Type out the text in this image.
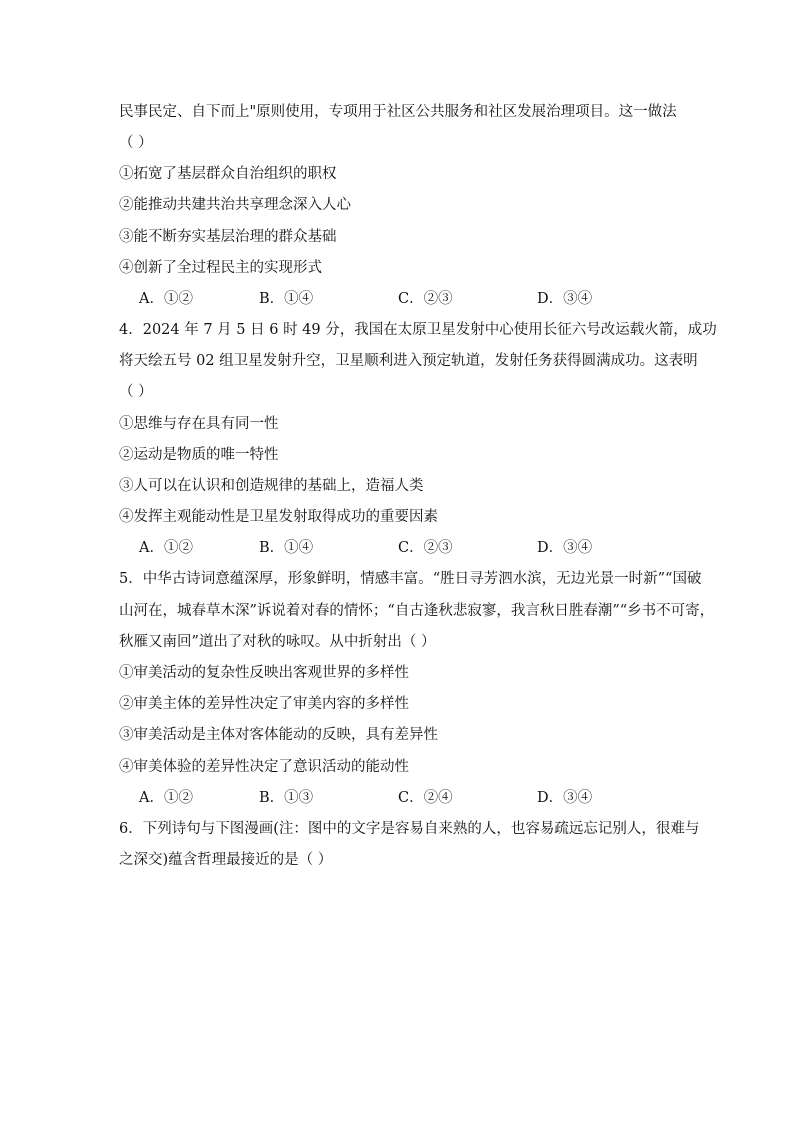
民事民定、自下而上"原则使用，专项用于社区公共服务和社区发展治理项目。这一做法
（ ）
①拓宽了基层群众自治组织的职权
②能推动共建共治共享理念深入人心
③能不断夯实基层治理的群众基础
④创新了全过程民主的实现形式
A．①②	B．①④	C．②③	D．③④
4．2024 年 7 月 5 日 6 时 49 分，我国在太原卫星发射中心使用长征六号改运载火箭，成功
将天绘五号 02 组卫星发射升空，卫星顺利进入预定轨道，发射任务获得圆满成功。这表明
（ ）
①思维与存在具有同一性
②运动是物质的唯一特性
③人可以在认识和创造规律的基础上，造福人类
④发挥主观能动性是卫星发射取得成功的重要因素
A．①②	B．①④	C．②③	D．③④
5．中华古诗词意蕴深厚，形象鲜明，情感丰富。“胜日寻芳泗水滨，无边光景一时新”“国破
山河在，城春草木深”诉说着对春的情怀；“自古逢秋悲寂寥，我言秋日胜春潮”“乡书不可寄，
秋雁又南回”道出了对秋的咏叹。从中折射出（ ）
①审美活动的复杂性反映出客观世界的多样性
②审美主体的差异性决定了审美内容的多样性
③审美活动是主体对客体能动的反映，具有差异性
④审美体验的差异性决定了意识活动的能动性
A．①②	B．①③	C．②④	D．③④
6．下列诗句与下图漫画(注：图中的文字是容易自来熟的人，也容易疏远忘记别人，很难与
之深交)蕴含哲理最接近的是（ ）
